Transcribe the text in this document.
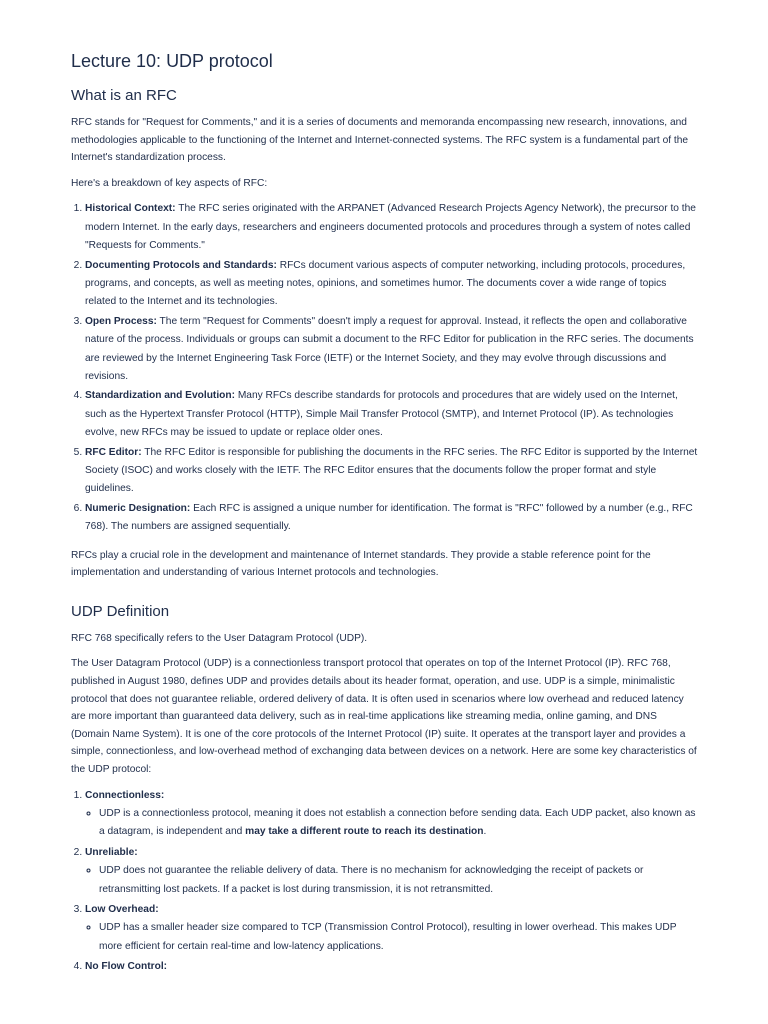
Lecture 10: UDP protocol
What is an RFC

RFC stands for "Request for Comments," and it is a series of documents and memoranda encompassing new research, innovations, and methodologies applicable to the functioning of the Internet and Internet-connected systems. The RFC system is a fundamental part of the Internet's standardization process.

Here's a breakdown of key aspects of RFC:

1. Historical Context: The RFC series originated with the ARPANET (Advanced Research Projects Agency Network), the precursor to the modern Internet. In the early days, researchers and engineers documented protocols and procedures through a system of notes called "Requests for Comments."
2. Documenting Protocols and Standards: RFCs document various aspects of computer networking, including protocols, procedures, programs, and concepts, as well as meeting notes, opinions, and sometimes humor. The documents cover a wide range of topics related to the Internet and its technologies.
3. Open Process: The term "Request for Comments" doesn't imply a request for approval. Instead, it reflects the open and collaborative nature of the process. Individuals or groups can submit a document to the RFC Editor for publication in the RFC series. The documents are reviewed by the Internet Engineering Task Force (IETF) or the Internet Society, and they may evolve through discussions and revisions.
4. Standardization and Evolution: Many RFCs describe standards for protocols and procedures that are widely used on the Internet, such as the Hypertext Transfer Protocol (HTTP), Simple Mail Transfer Protocol (SMTP), and Internet Protocol (IP). As technologies evolve, new RFCs may be issued to update or replace older ones.
5. RFC Editor: The RFC Editor is responsible for publishing the documents in the RFC series. The RFC Editor is supported by the Internet Society (ISOC) and works closely with the IETF. The RFC Editor ensures that the documents follow the proper format and style guidelines.
6. Numeric Designation: Each RFC is assigned a unique number for identification. The format is "RFC" followed by a number (e.g., RFC 768). The numbers are assigned sequentially.

RFCs play a crucial role in the development and maintenance of Internet standards. They provide a stable reference point for the implementation and understanding of various Internet protocols and technologies.

UDP Definition

RFC 768 specifically refers to the User Datagram Protocol (UDP).

The User Datagram Protocol (UDP) is a connectionless transport protocol that operates on top of the Internet Protocol (IP). RFC 768, published in August 1980, defines UDP and provides details about its header format, operation, and use. UDP is a simple, minimalistic protocol that does not guarantee reliable, ordered delivery of data. It is often used in scenarios where low overhead and reduced latency are more important than guaranteed data delivery, such as in real-time applications like streaming media, online gaming, and DNS (Domain Name System). It is one of the core protocols of the Internet Protocol (IP) suite. It operates at the transport layer and provides a simple, connectionless, and low-overhead method of exchanging data between devices on a network. Here are some key characteristics of the UDP protocol:

1. Connectionless:
◦ UDP is a connectionless protocol, meaning it does not establish a connection before sending data. Each UDP packet, also known as a datagram, is independent and may take a different route to reach its destination.
2. Unreliable:
◦ UDP does not guarantee the reliable delivery of data. There is no mechanism for acknowledging the receipt of packets or retransmitting lost packets. If a packet is lost during transmission, it is not retransmitted.
3. Low Overhead:
◦ UDP has a smaller header size compared to TCP (Transmission Control Protocol), resulting in lower overhead. This makes UDP more efficient for certain real-time and low-latency applications.
4. No Flow Control:
